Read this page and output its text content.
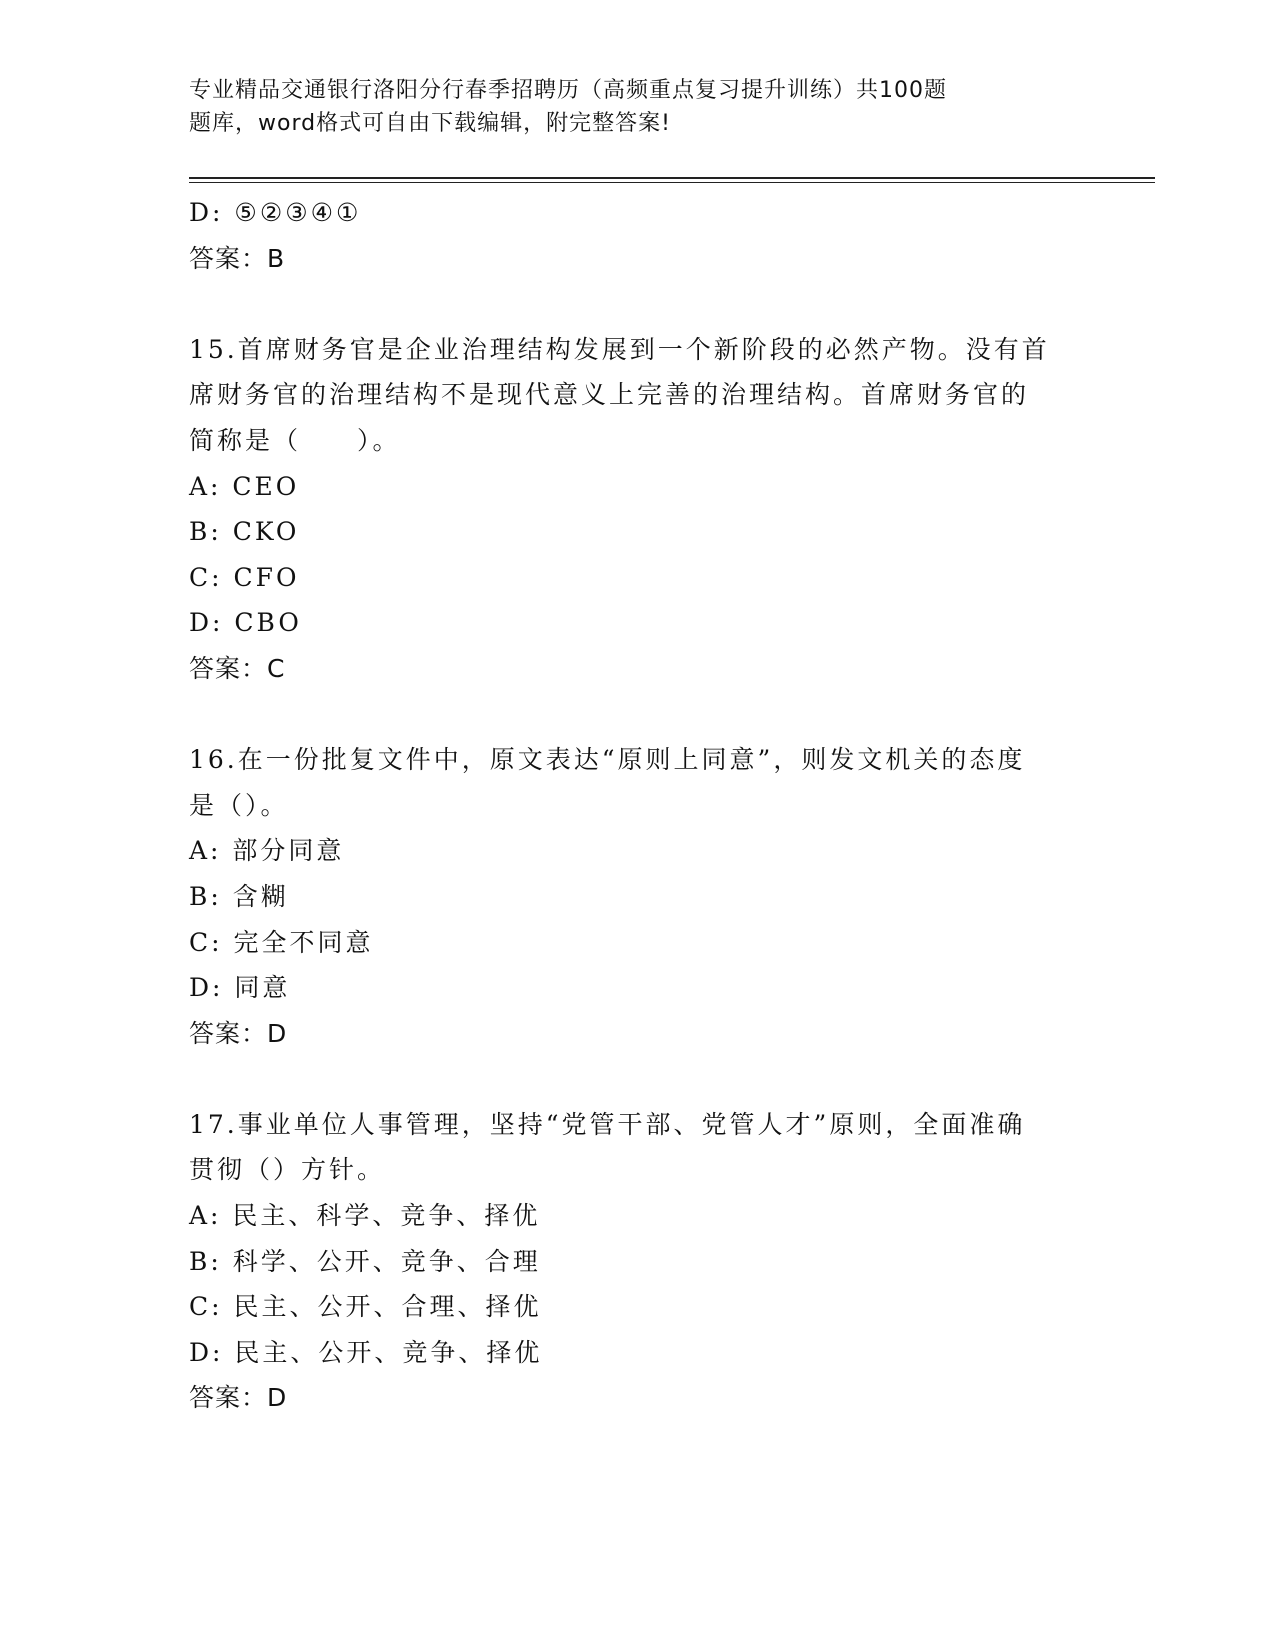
专业精品交通银行洛阳分行春季招聘历（高频重点复习提升训练）共100题
题库，word格式可自由下载编辑，附完整答案!
D: ⑤②③④①
答案：B
15.首席财务官是企业治理结构发展到一个新阶段的必然产物。没有首
席财务官的治理结构不是现代意义上完善的治理结构。首席财务官的
简称是（　　）。
A: CEO
B: CKO
C: CFO
D: CBO
答案：C
16.在一份批复文件中，原文表达“原则上同意”，则发文机关的态度
是（）。
A: 部分同意
B: 含糊
C: 完全不同意
D: 同意
答案：D
17.事业单位人事管理，坚持“党管干部、党管人才”原则，全面准确
贯彻（）方针。
A: 民主、科学、竞争、择优
B: 科学、公开、竞争、合理
C: 民主、公开、合理、择优
D: 民主、公开、竞争、择优
答案：D
